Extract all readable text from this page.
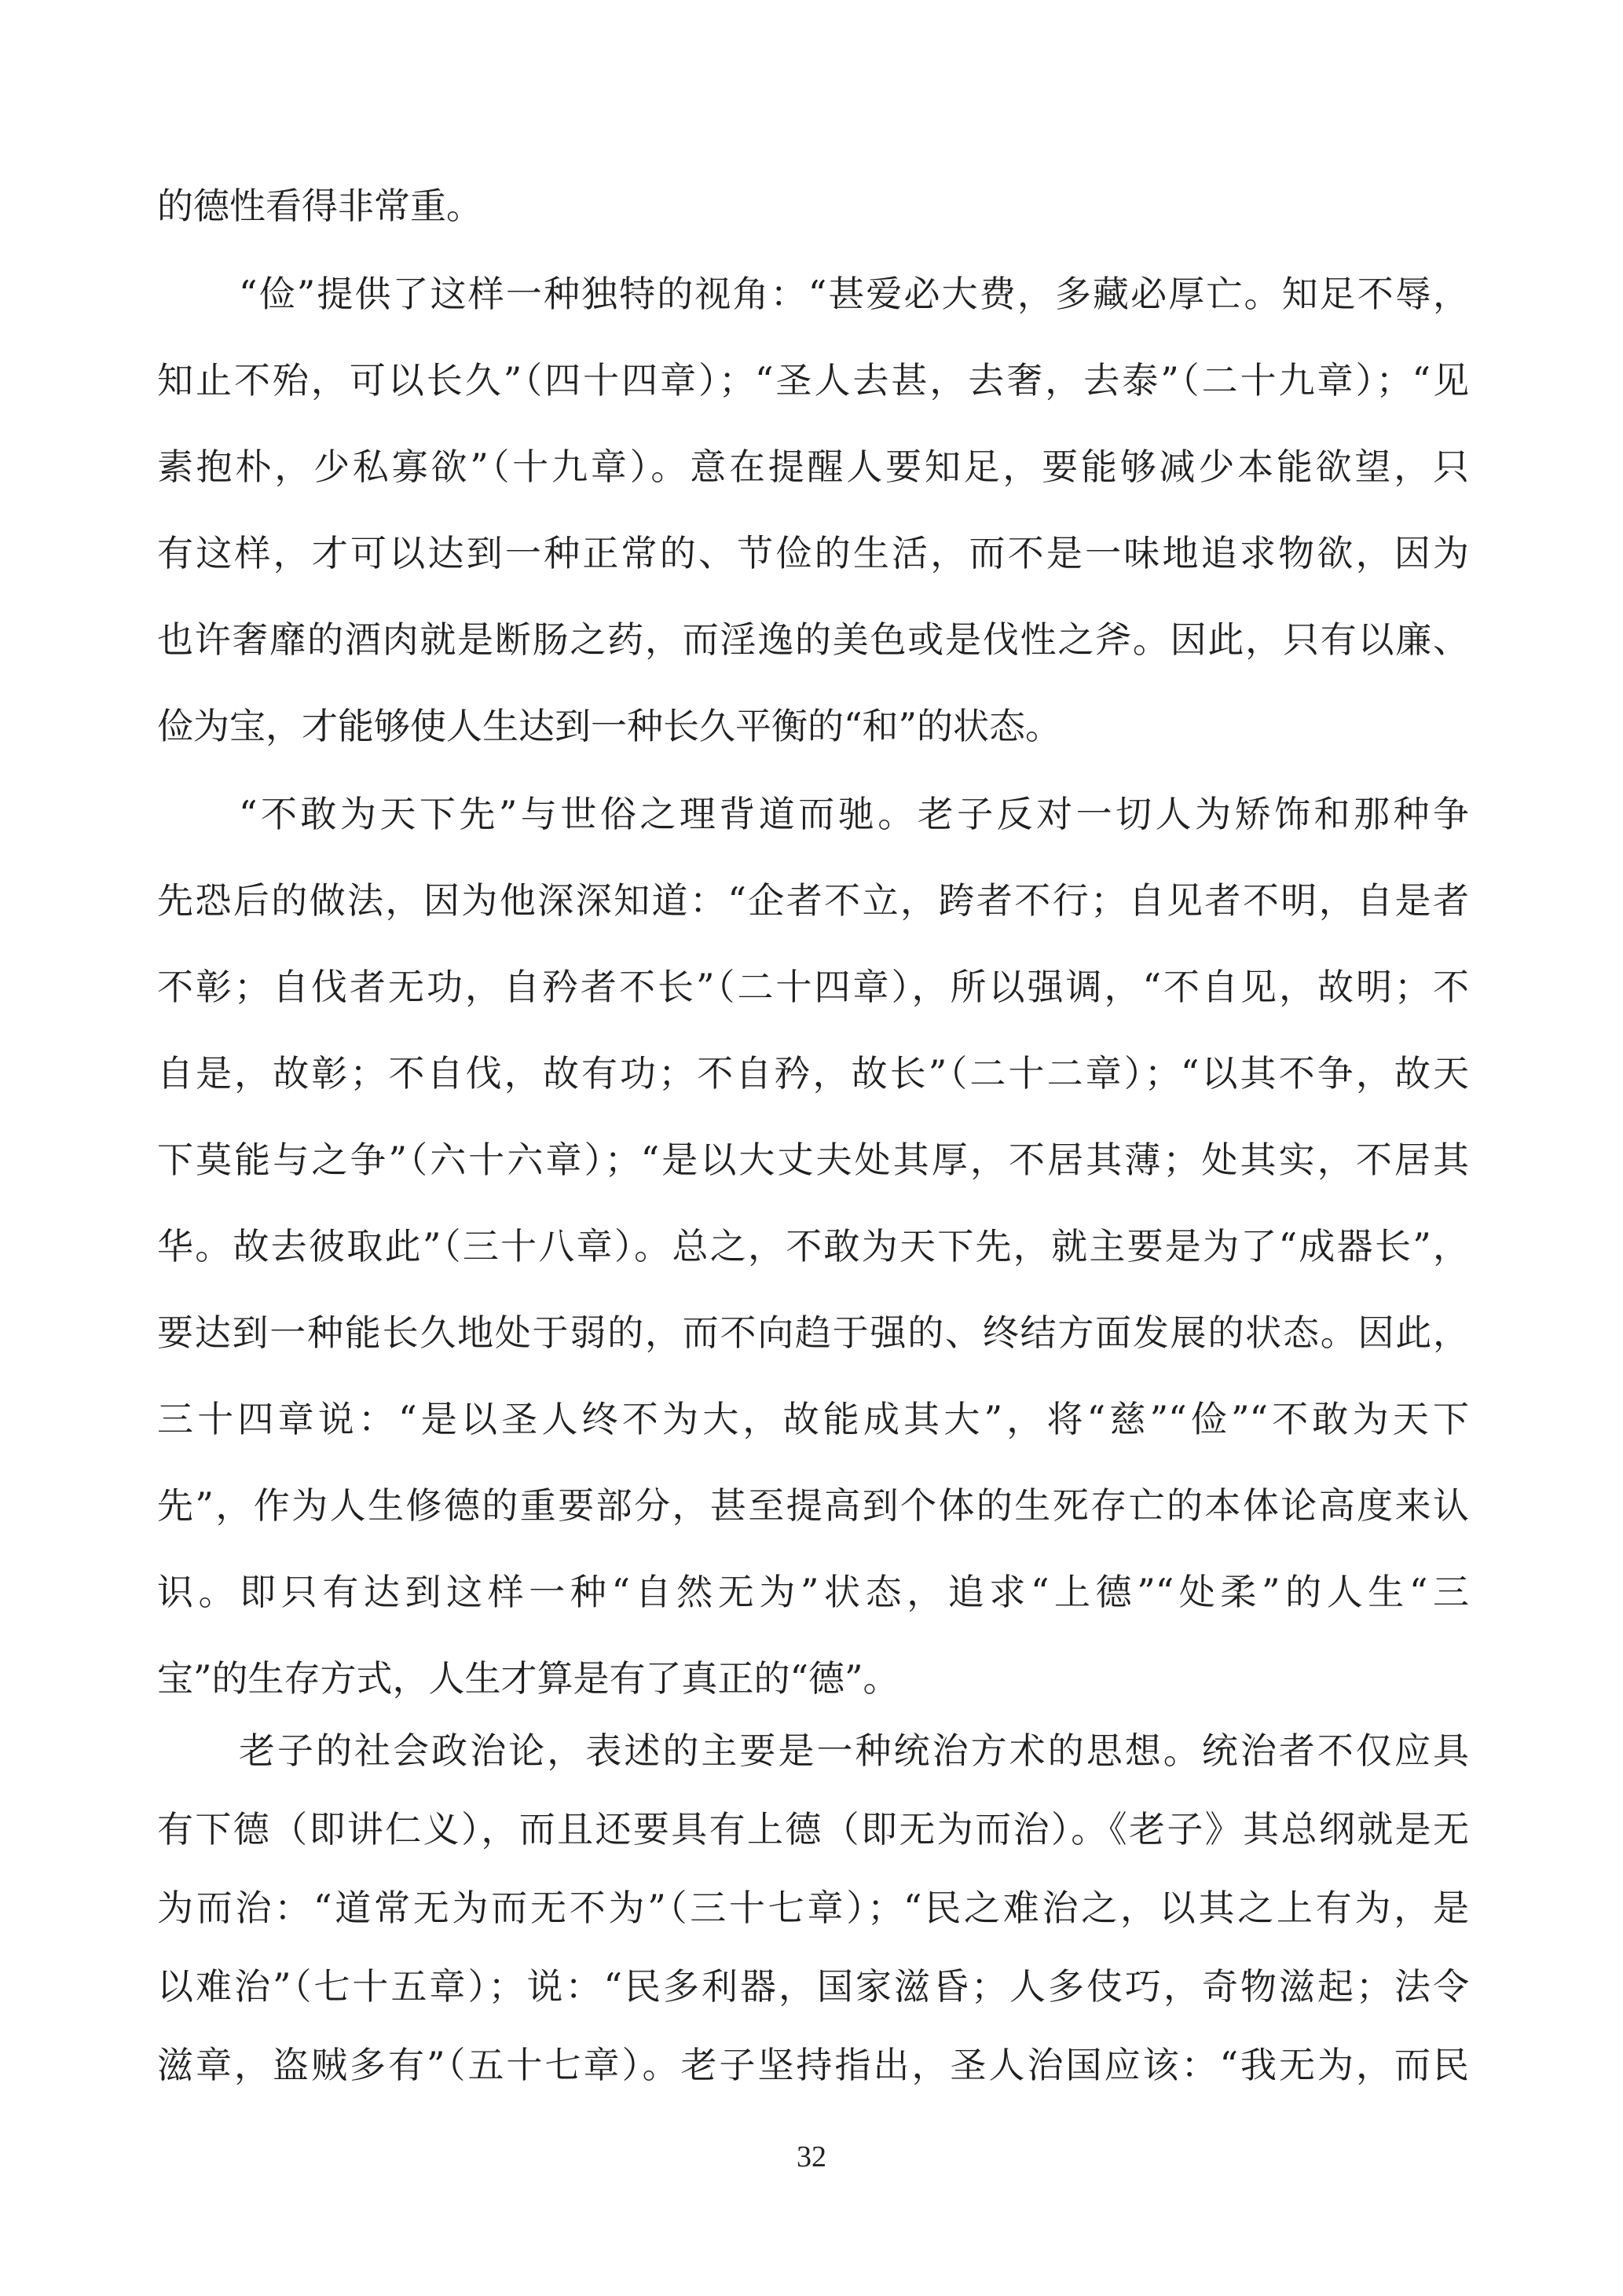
的德性看得非常重。
“俭”提供了这样一种独特的视角：“甚爱必大费，多藏必厚亡。知足不辱，
知止不殆，可以长久”（四十四章）；“圣人去甚，去奢，去泰”（二十九章）；“见
素抱朴，少私寡欲”（十九章）。意在提醒人要知足，要能够减少本能欲望，只
有这样，才可以达到一种正常的、节俭的生活，而不是一味地追求物欲，因为
也许奢靡的酒肉就是断肠之药，而淫逸的美色或是伐性之斧。因此，只有以廉、
俭为宝，才能够使人生达到一种长久平衡的“和”的状态。
“不敢为天下先”与世俗之理背道而驰。老子反对一切人为矫饰和那种争
先恐后的做法，因为他深深知道：“企者不立，跨者不行；自见者不明，自是者
不彰；自伐者无功，自矜者不长”（二十四章），所以强调，“不自见，故明；不
自是，故彰；不自伐，故有功；不自矜，故长”（二十二章）；“以其不争，故天
下莫能与之争”（六十六章）；“是以大丈夫处其厚，不居其薄；处其实，不居其
华。故去彼取此”（三十八章）。总之，不敢为天下先，就主要是为了“成器长”，
要达到一种能长久地处于弱的，而不向趋于强的、终结方面发展的状态。因此，
三十四章说：“是以圣人终不为大，故能成其大”，将“慈”“俭”“不敢为天下
先”，作为人生修德的重要部分，甚至提高到个体的生死存亡的本体论高度来认
识。即只有达到这样一种“自然无为”状态，追求“上德”“处柔”的人生“三
宝”的生存方式，人生才算是有了真正的“德”。
老子的社会政治论，表述的主要是一种统治方术的思想。统治者不仅应具
有下德（即讲仁义），而且还要具有上德（即无为而治）。《老子》其总纲就是无
为而治：“道常无为而无不为”（三十七章）；“民之难治之，以其之上有为，是
以难治”（七十五章）；说：“民多利器，国家滋昏；人多伎巧，奇物滋起；法令
滋章，盗贼多有”（五十七章）。老子坚持指出，圣人治国应该：“我无为，而民
32
